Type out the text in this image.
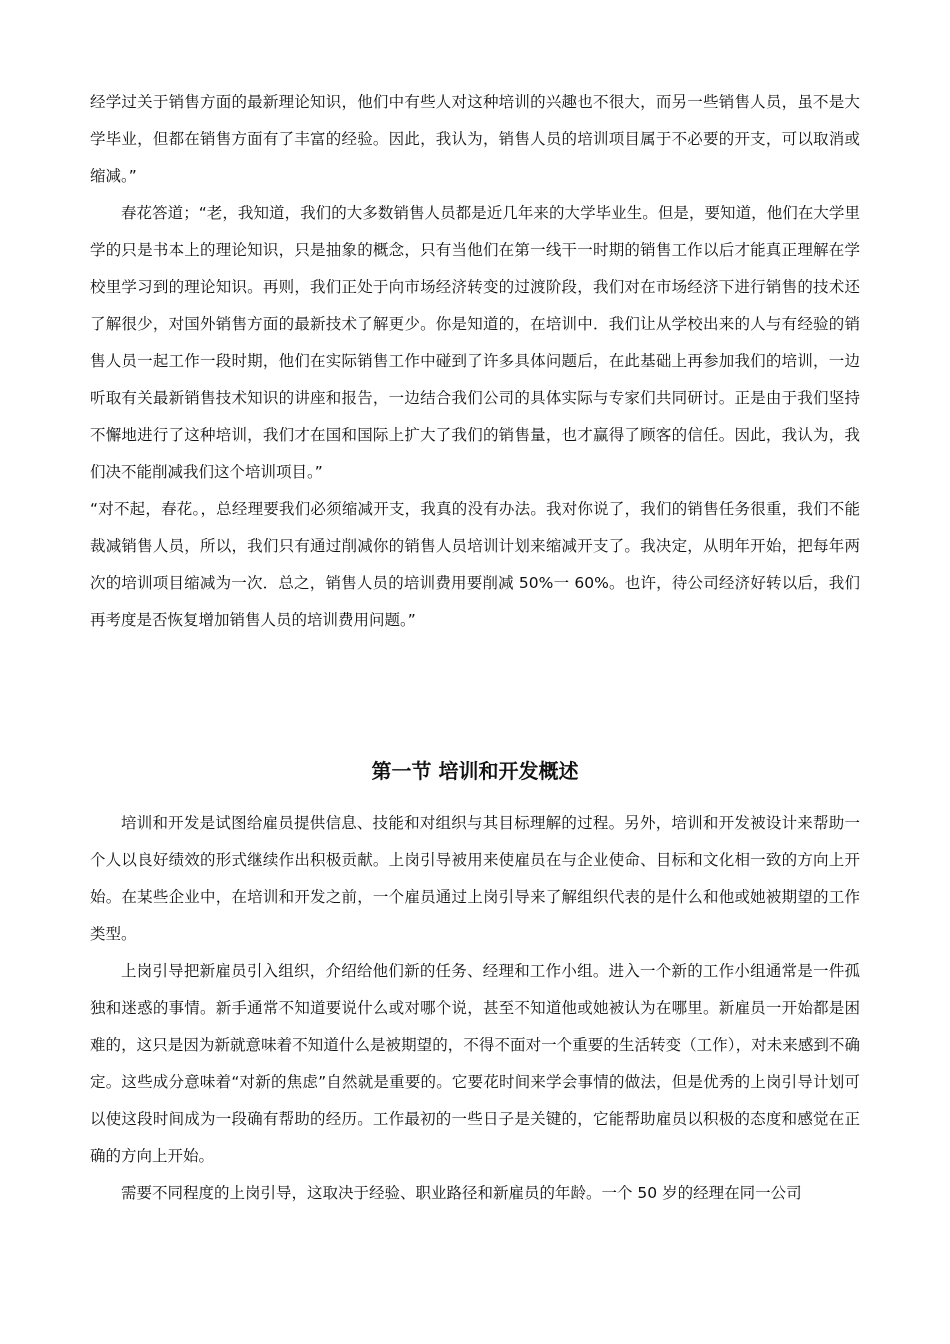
经学过关于销售方面的最新理论知识，他们中有些人对这种培训的兴趣也不很大，而另一些销售人员，虽不是大学毕业，但都在销售方面有了丰富的经验。因此，我认为，销售人员的培训项目属于不必要的开支，可以取消或缩减。”

春花答道；“老，我知道，我们的大多数销售人员都是近几年来的大学毕业生。但是，要知道，他们在大学里学的只是书本上的理论知识，只是抽象的概念，只有当他们在第一线干一时期的销售工作以后才能真正理解在学校里学习到的理论知识。再则，我们正处于向市场经济转变的过渡阶段，我们对在市场经济下进行销售的技术还了解很少，对国外销售方面的最新技术了解更少。你是知道的，在培训中．我们让从学校出来的人与有经验的销售人员一起工作一段时期，他们在实际销售工作中碰到了许多具体问题后，在此基础上再参加我们的培训，一边听取有关最新销售技术知识的讲座和报告，一边结合我们公司的具体实际与专家们共同研讨。正是由于我们坚持不懈地进行了这种培训，我们才在国和国际上扩大了我们的销售量，也才赢得了顾客的信任。因此，我认为，我们决不能削减我们这个培训项目。”

“对不起，春花。，总经理要我们必须缩减开支，我真的没有办法。我对你说了，我们的销售任务很重，我们不能裁减销售人员，所以，我们只有通过削减你的销售人员培训计划来缩减开支了。我决定，从明年开始，把每年两次的培训项目缩减为一次．总之，销售人员的培训费用要削减 50%一 60%。也许，待公司经济好转以后，我们再考度是否恢复增加销售人员的培训费用问题。”

第一节 培训和开发概述

培训和开发是试图给雇员提供信息、技能和对组织与其目标理解的过程。另外，培训和开发被设计来帮助一个人以良好绩效的形式继续作出积极贡献。上岗引导被用来使雇员在与企业使命、目标和文化相一致的方向上开始。在某些企业中，在培训和开发之前，一个雇员通过上岗引导来了解组织代表的是什么和他或她被期望的工作类型。

上岗引导把新雇员引入组织，介绍给他们新的任务、经理和工作小组。进入一个新的工作小组通常是一件孤独和迷惑的事情。新手通常不知道要说什么或对哪个说，甚至不知道他或她被认为在哪里。新雇员一开始都是困难的，这只是因为新就意味着不知道什么是被期望的，不得不面对一个重要的生活转变（工作），对未来感到不确定。这些成分意味着“对新的焦虑”自然就是重要的。它要花时间来学会事情的做法，但是优秀的上岗引导计划可以使这段时间成为一段确有帮助的经历。工作最初的一些日子是关键的，它能帮助雇员以积极的态度和感觉在正确的方向上开始。

需要不同程度的上岗引导，这取决于经验、职业路径和新雇员的年龄。一个 50 岁的经理在同一公司
